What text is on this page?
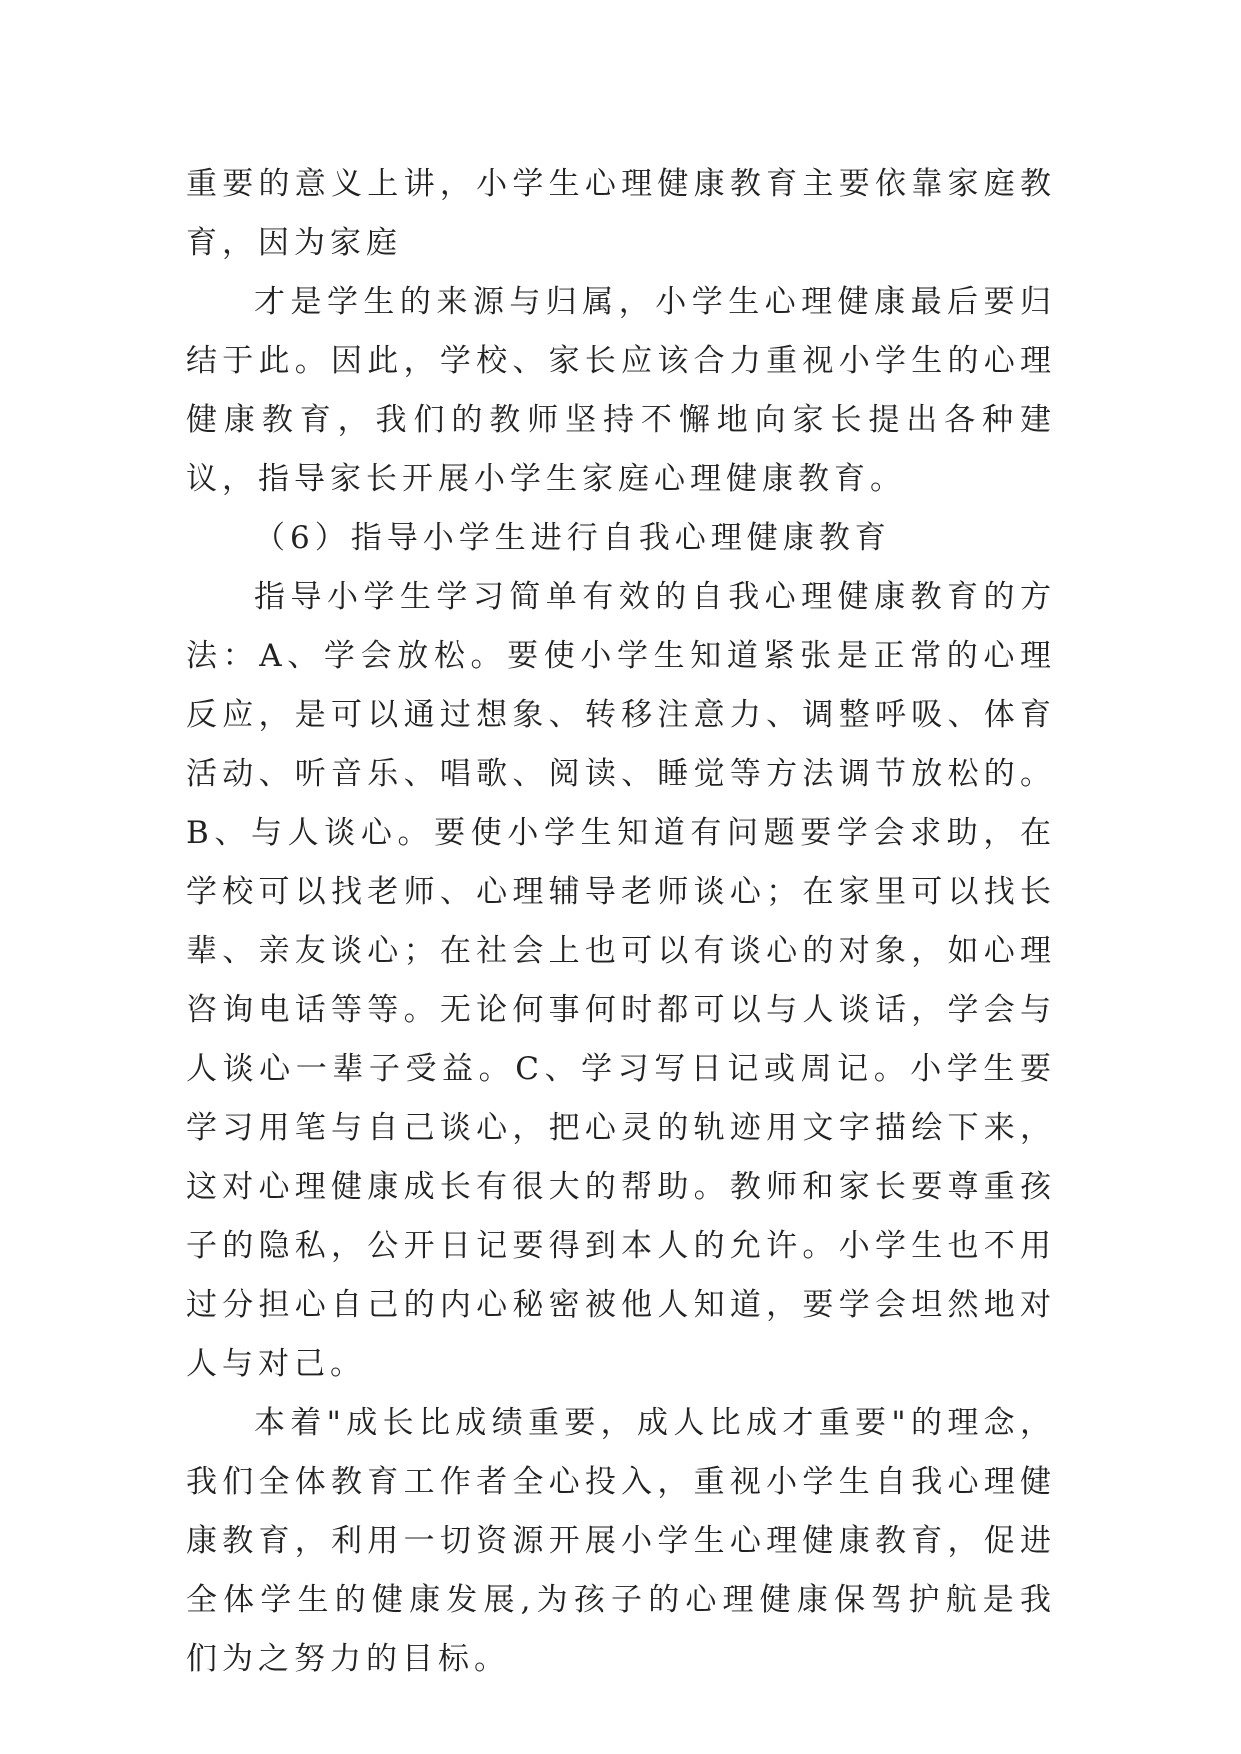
重要的意义上讲，小学生心理健康教育主要依靠家庭教育，因为家庭

才是学生的来源与归属，小学生心理健康最后要归结于此。因此，学校、家长应该合力重视小学生的心理健康教育，我们的教师坚持不懈地向家长提出各种建议，指导家长开展小学生家庭心理健康教育。

（6）指导小学生进行自我心理健康教育

指导小学生学习简单有效的自我心理健康教育的方法：A、学会放松。要使小学生知道紧张是正常的心理反应，是可以通过想象、转移注意力、调整呼吸、体育活动、听音乐、唱歌、阅读、睡觉等方法调节放松的。B、与人谈心。要使小学生知道有问题要学会求助，在学校可以找老师、心理辅导老师谈心；在家里可以找长辈、亲友谈心；在社会上也可以有谈心的对象，如心理咨询电话等等。无论何事何时都可以与人谈话，学会与人谈心一辈子受益。C、学习写日记或周记。小学生要学习用笔与自己谈心，把心灵的轨迹用文字描绘下来，这对心理健康成长有很大的帮助。教师和家长要尊重孩子的隐私，公开日记要得到本人的允许。小学生也不用过分担心自己的内心秘密被他人知道，要学会坦然地对人与对己。

本着"成长比成绩重要，成人比成才重要"的理念，我们全体教育工作者全心投入，重视小学生自我心理健康教育，利用一切资源开展小学生心理健康教育，促进全体学生的健康发展,为孩子的心理健康保驾护航是我们为之努力的目标。
